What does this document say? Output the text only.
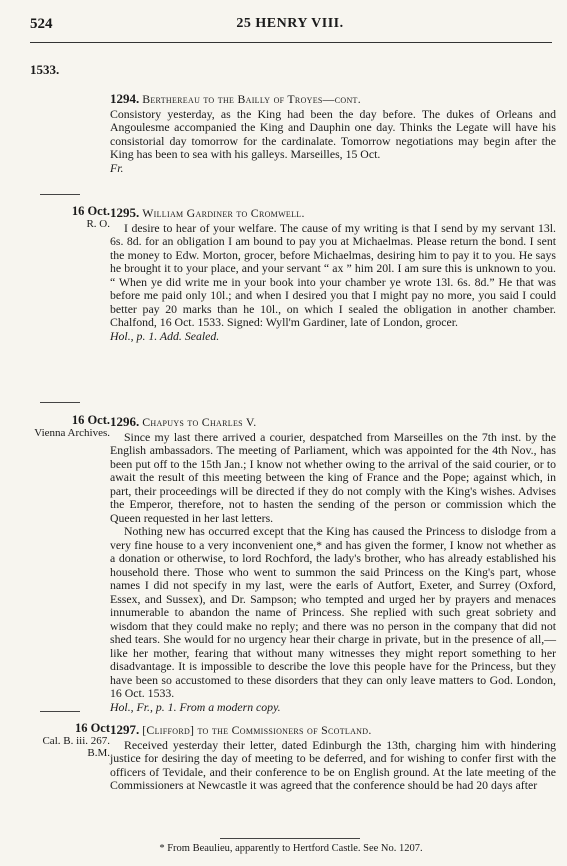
524	25 HENRY VIII.
1533.

1294. Berthereau to the Bailly of Troyes—cont.

Consistory yesterday, as the King had been the day before. The dukes of Orleans and Angoulesme accompanied the King and Dauphin one day. Thinks the Legate will have his consistorial day tomorrow for the cardinalate. Tomorrow negotiations may begin after the King has been to sea with his galleys. Marseilles, 15 Oct.

Fr.

16 Oct.
R. O.

1295. William Gardiner to Cromwell.

I desire to hear of your welfare. The cause of my writing is that I send by my servant 13l. 6s. 8d. for an obligation I am bound to pay you at Michaelmas. Please return the bond. I sent the money to Edw. Morton, grocer, before Michaelmas, desiring him to pay it to you. He says he brought it to your place, and your servant “ ax ” him 20l. I am sure this is unknown to you. “ When ye did write me in your book into your chamber ye wrote 13l. 6s. 8d.” He that was before me paid only 10l.; and when I desired you that I might pay no more, you said I could better pay 20 marks than he 10l., on which I sealed the obligation in another chamber. Chalfond, 16 Oct. 1533. Signed: Wyll'm Gardiner, late of London, grocer.

Hol., p. 1. Add. Sealed.

16 Oct.
Vienna Archives.

1296. Chapuys to Charles V.

Since my last there arrived a courier, despatched from Marseilles on the 7th inst. by the English ambassadors. The meeting of Parliament, which was appointed for the 4th Nov., has been put off to the 15th Jan.; I know not whether owing to the arrival of the said courier, or to await the result of this meeting between the king of France and the Pope; against which, in part, their proceedings will be directed if they do not comply with the King's wishes. Advises the Emperor, therefore, not to hasten the sending of the person or commission which the Queen requested in her last letters.

Nothing new has occurred except that the King has caused the Princess to dislodge from a very fine house to a very inconvenient one,* and has given the former, I know not whether as a donation or otherwise, to lord Rochford, the lady's brother, who has already established his household there. Those who went to summon the said Princess on the King's part, whose names I did not specify in my last, were the earls of Autfort, Exeter, and Surrey (Oxford, Essex, and Sussex), and Dr. Sampson; who tempted and urged her by prayers and menaces innumerable to abandon the name of Princess. She replied with such great sobriety and wisdom that they could make no reply; and there was no person in the company that did not shed tears. She would for no urgency hear their charge in private, but in the presence of all,—like her mother, fearing that without many witnesses they might report something to her disadvantage. It is impossible to describe the love this people have for the Princess, but they have been so accustomed to these disorders that they can only leave matters to God. London, 16 Oct. 1533.

Hol., Fr., p. 1. From a modern copy.

16 Oct
Cal. B. iii. 267. B.M.

1297. [Clifford] to the Commissioners of Scotland.

Received yesterday their letter, dated Edinburgh the 13th, charging him with hindering justice for desiring the day of meeting to be deferred, and for wishing to confer first with the officers of Tevidale, and their conference to be on English ground. At the late meeting of the Commissioners at Newcastle it was agreed that the conference should be had 20 days after

* From Beaulieu, apparently to Hertford Castle. See No. 1207.
